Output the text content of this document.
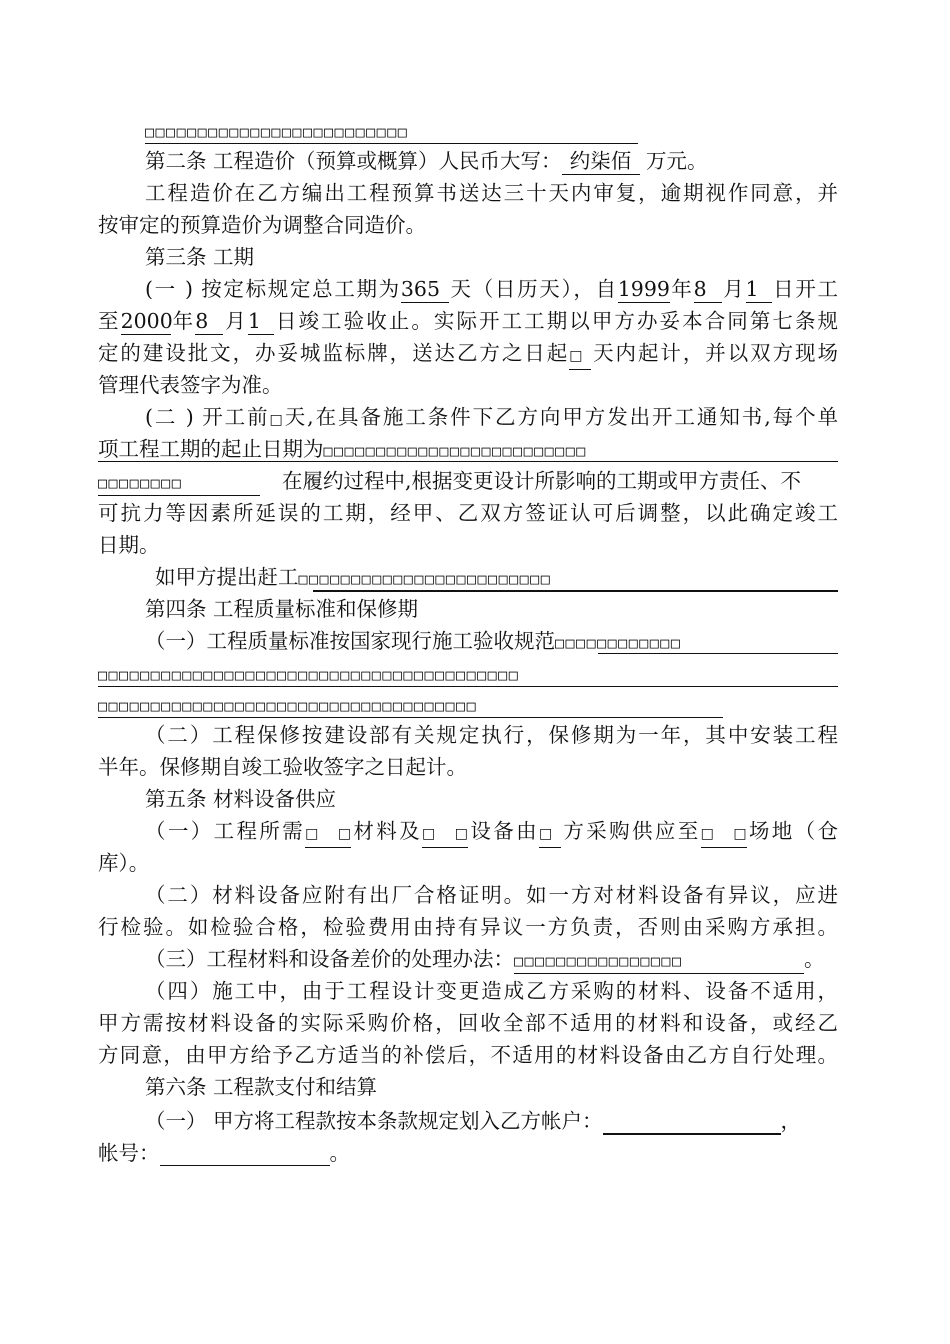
□□□□□□□□□□□□□□□□□□□□□□□□□

第二条 工程造价（预算或概算）人民币大写： 约柒佰 万元。

工程造价在乙方编出工程预算书送达三十天内审复，逾期视作同意，并

按审定的预算造价为调整合同造价。

第三条 工期

(一 ) 按定标规定总工期为365 天（日历天），自1999年8 月1 日开工

至2000年8 月1 日竣工验收止。实际开工工期以甲方办妥本合同第七条规

定的建设批文，办妥城监标牌，送达乙方之日起□ 天内起计，并以双方现场

管理代表签字为准。

(二 ) 开工前□天,在具备施工条件下乙方向甲方发出开工通知书,每个单

项工程工期的起止日期为□□□□□□□□□□□□□□□□□□□□□□□□□

□□□□□□□□	在履约过程中,根据变更设计所影响的工期或甲方责任、不

可抗力等因素所延误的工期，经甲、乙双方签证认可后调整，以此确定竣工

日期。

如甲方提出赶工□□□□□□□□□□□□□□□□□□□□□□□□

第四条 工程质量标准和保修期

（一）工程质量标准按国家现行施工验收规范□□□□□□□□□□□□

□□□□□□□□□□□□□□□□□□□□□□□□□□□□□□□□□□□□□□□□

□□□□□□□□□□□□□□□□□□□□□□□□□□□□□□□□□□□□

（二）工程保修按建设部有关规定执行，保修期为一年，其中安装工程

半年。保修期自竣工验收签字之日起计。

第五条 材料设备供应

（一）工程所需□□材料及□□设备由□ 方采购供应至□□场地（仓

库）。

（二）材料设备应附有出厂合格证明。如一方对材料设备有异议，应进

行检验。如检验合格，检验费用由持有异议一方负责，否则由采购方承担。

（三）工程材料和设备差价的处理办法：□□□□□□□□□□□□□□□□	。

（四）施工中，由于工程设计变更造成乙方采购的材料、设备不适用，

甲方需按材料设备的实际采购价格，回收全部不适用的材料和设备，或经乙

方同意，由甲方给予乙方适当的补偿后，不适用的材料设备由乙方自行处理。

第六条 工程款支付和结算

（一） 甲方将工程款按本条款规定划入乙方帐户：	，

帐号：	。
